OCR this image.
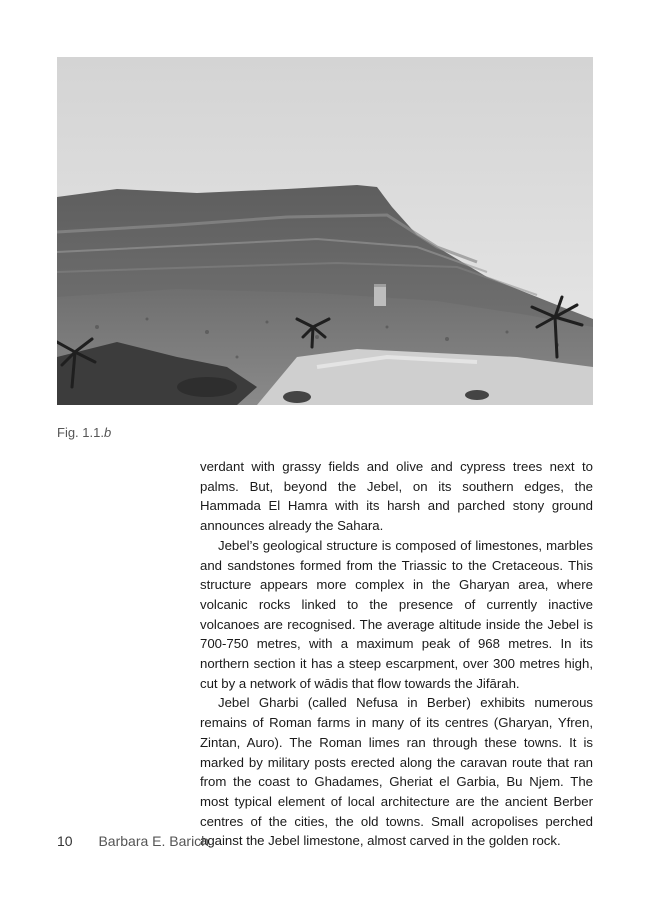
Fig. 1.1.b

verdant with grassy fields and olive and cypress trees next to palms. But, beyond the Jebel, on its southern edges, the Hammada El Hamra with its harsh and parched stony ground announces already the Sahara.

Jebel’s geological structure is composed of limestones, marbles and sandstones formed from the Triassic to the Cretaceous. This structure appears more complex in the Gharyan area, where volcanic rocks linked to the presence of currently inactive volcanoes are recognised. The average altitude inside the Jebel is 700-750 metres, with a maximum peak of 968 metres. In its northern section it has a steep escarpment, over 300 metres high, cut by a network of wādis that flow towards the Jifārah.

Jebel Gharbi (called Nefusa in Berber) exhibits numerous remains of Roman farms in many of its centres (Gharyan, Yfren, Zintan, Auro). The Roman limes ran through these towns. It is marked by military posts erected along the caravan route that ran from the coast to Ghadames, Gheriat el Garbia, Bu Njem. The most typical element of local architecture are the ancient Berber centres of the cities, the old towns. Small acropolises perched against the Jebel limestone, almost carved in the golden rock.

10 Barbara E. Barich
